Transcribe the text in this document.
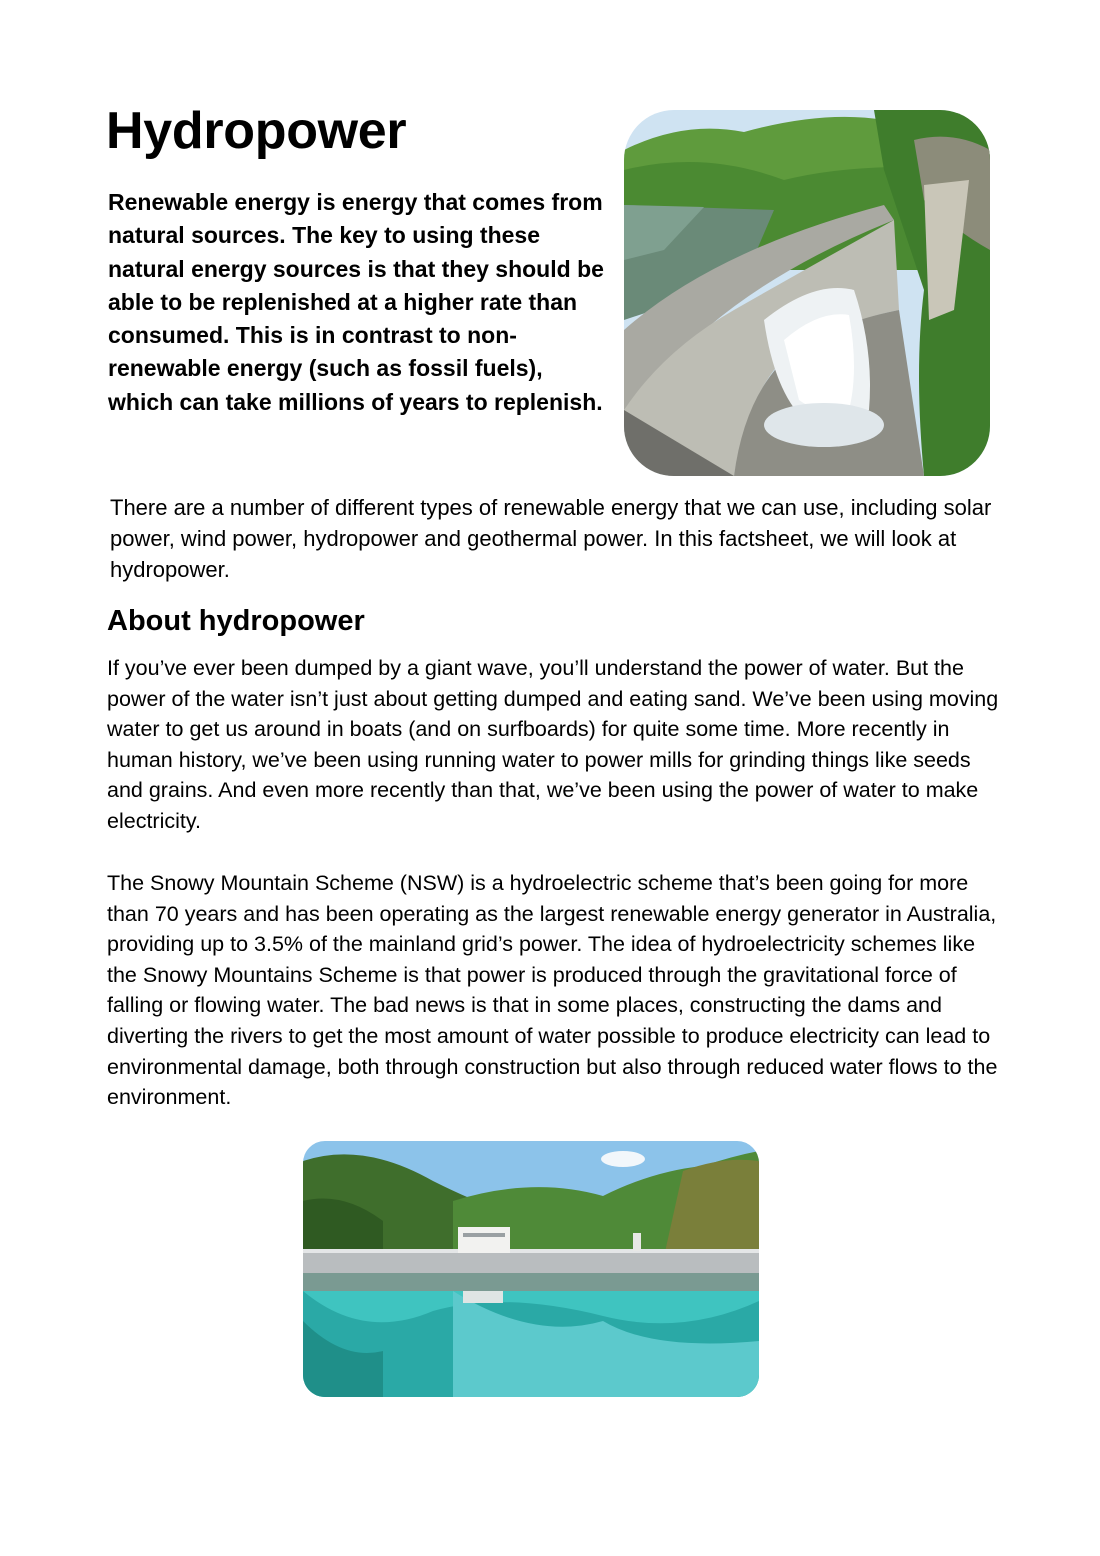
Hydropower

Renewable energy is energy that comes from natural sources. The key to using these natural energy sources is that they should be able to be replenished at a higher rate than consumed. This is in contrast to non-renewable energy (such as fossil fuels), which can take millions of years to replenish.

There are a number of different types of renewable energy that we can use, including solar power, wind power, hydropower and geothermal power. In this factsheet, we will look at hydropower.

About hydropower

If you’ve ever been dumped by a giant wave, you’ll understand the power of water. But the power of the water isn’t just about getting dumped and eating sand. We’ve been using moving water to get us around in boats (and on surfboards) for quite some time. More recently in human history, we’ve been using running water to power mills for grinding things like seeds and grains. And even more recently than that, we’ve been using the power of water to make electricity.

The Snowy Mountain Scheme (NSW) is a hydroelectric scheme that’s been going for more than 70 years and has been operating as the largest renewable energy generator in Australia, providing up to 3.5% of the mainland grid’s power. The idea of hydroelectricity schemes like the Snowy Mountains Scheme is that power is produced through the gravitational force of falling or flowing water. The bad news is that in some places, constructing the dams and diverting the rivers to get the most amount of water possible to produce electricity can lead to environmental damage, both through construction but also through reduced water flows to the environment.
